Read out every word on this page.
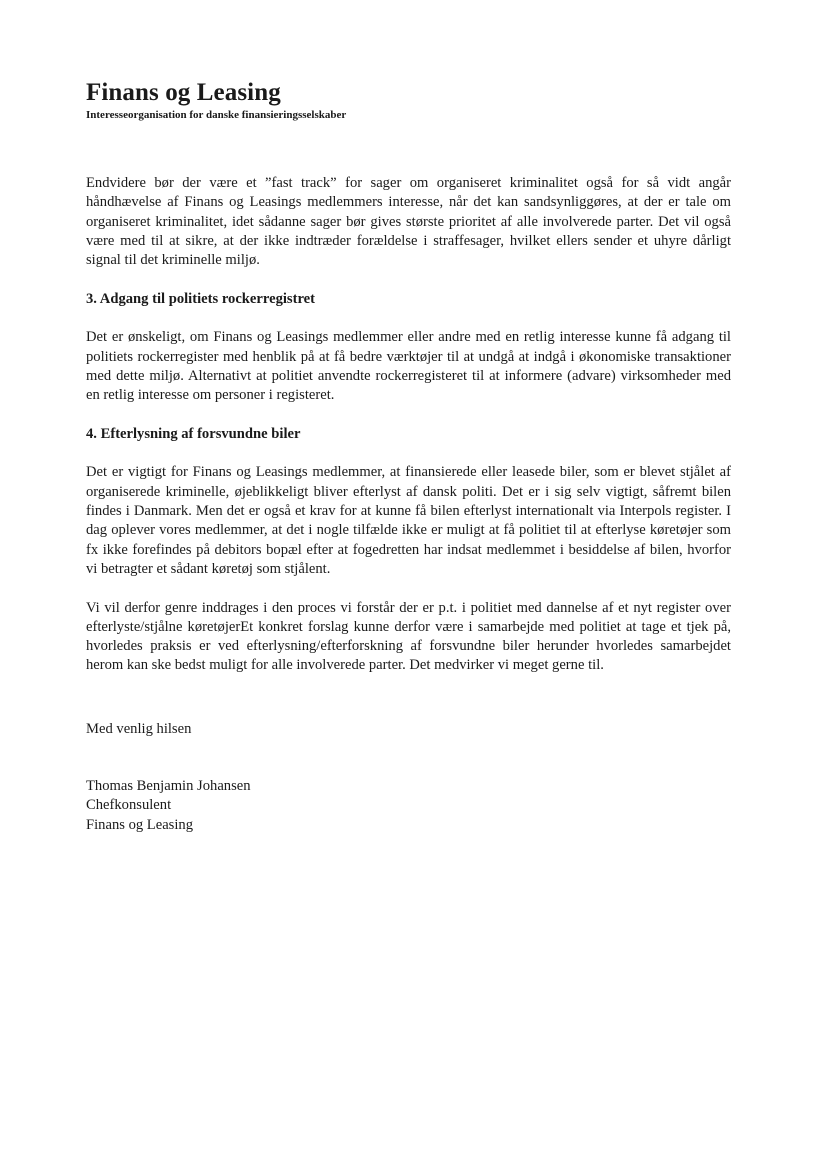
Finans og Leasing
Interesseorganisation for danske finansieringsselskaber

Endvidere bør der være et ”fast track” for sager om organiseret kriminalitet også for så vidt angår håndhævelse af Finans og Leasings medlemmers interesse, når det kan sandsynliggøres, at der er tale om organiseret kriminalitet, idet sådanne sager bør gives største prioritet af alle involverede parter. Det vil også være med til at sikre, at der ikke indtræder forældelse i straffesager, hvilket ellers sender et uhyre dårligt signal til det kriminelle miljø.

3. Adgang til politiets rockerregistret

Det er ønskeligt, om Finans og Leasings medlemmer eller andre med en retlig interesse kunne få adgang til politiets rockerregister med henblik på at få bedre værktøjer til at undgå at indgå i økonomiske transaktioner med dette miljø. Alternativt at politiet anvendte rockerregisteret til at informere (advare) virksomheder med en retlig interesse om personer i registeret.

4. Efterlysning af forsvundne biler

Det er vigtigt for Finans og Leasings medlemmer, at finansierede eller leasede biler, som er blevet stjålet af organiserede kriminelle, øjeblikkeligt bliver efterlyst af dansk politi. Det er i sig selv vigtigt, såfremt bilen findes i Danmark. Men det er også et krav for at kunne få bilen efterlyst internationalt via Interpols register. I dag oplever vores medlemmer, at det i nogle tilfælde ikke er muligt at få politiet til at efterlyse køretøjer som fx ikke forefindes på debitors bopæl efter at fogedretten har indsat medlemmet i besiddelse af bilen, hvorfor vi betragter et sådant køretøj som stjålent.

Vi vil derfor genre inddrages i den proces vi forstår der er p.t. i politiet med dannelse af et nyt register over efterlyste/stjålne køretøjerEt konkret forslag kunne derfor være i samarbejde med politiet at tage et tjek på, hvorledes praksis er ved efterlysning/efterforskning af forsvundne biler herunder hvorledes samarbejdet herom kan ske bedst muligt for alle involverede parter. Det medvirker vi meget gerne til.

Med venlig hilsen

Thomas Benjamin Johansen
Chefkonsulent
Finans og Leasing
